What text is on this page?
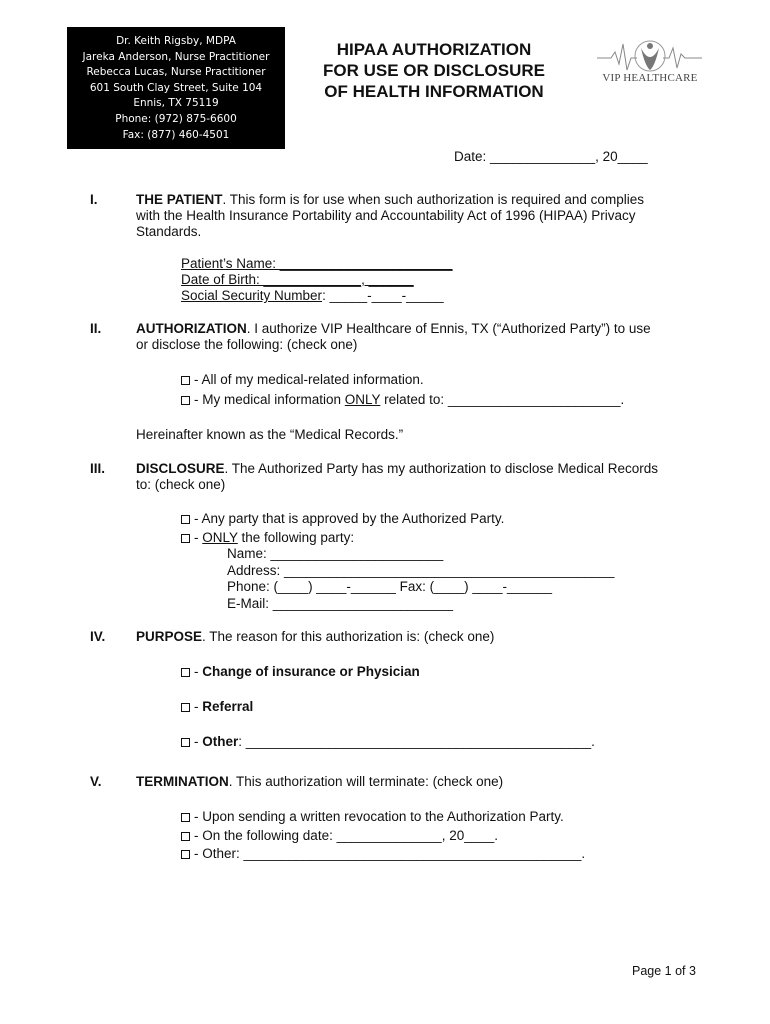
Dr. Keith Rigsby, MDPA
Jareka Anderson, Nurse Practitioner
Rebecca Lucas, Nurse Practitioner
601 South Clay Street, Suite 104
Ennis, TX 75119
Phone: (972) 875-6600
Fax: (877) 460-4501
HIPAA AUTHORIZATION
FOR USE OR DISCLOSURE
OF HEALTH INFORMATION
VIP HEALTHCARE
Date: ______________, 20____
I.	THE PATIENT. This form is for use when such authorization is required and complies
with the Health Insurance Portability and Accountability Act of 1996 (HIPAA) Privacy
Standards.
Patient’s Name: _______________________
Date of Birth: _____________, ______
Social Security Number: _____-____-_____
II.	AUTHORIZATION. I authorize VIP Healthcare of Ennis, TX (“Authorized Party”) to use
or disclose the following: (check one)
- All of my medical-related information.
- My medical information ONLY related to: _______________________.
Hereinafter known as the “Medical Records.”
III. DISCLOSURE. The Authorized Party has my authorization to disclose Medical Records
to: (check one)
- Any party that is approved by the Authorized Party.
- ONLY the following party:
Name: _______________________
Address: ____________________________________________
Phone: (____) ____-______ Fax: (____) ____-______
E-Mail: ________________________
IV. PURPOSE. The reason for this authorization is: (check one)
- Change of insurance or Physician
- Referral
- Other: ______________________________________________.
V.	TERMINATION. This authorization will terminate: (check one)
- Upon sending a written revocation to the Authorization Party.
- On the following date: ______________, 20____.
- Other: _____________________________________________.
Page 1 of 3
